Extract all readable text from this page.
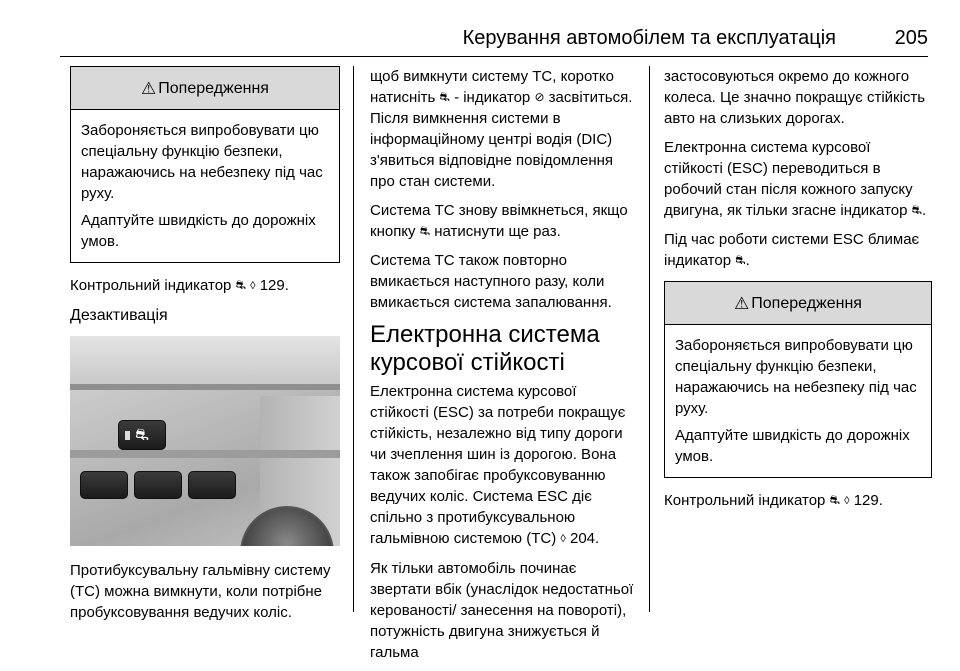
Керування автомобілем та експлуатація	205
⚠ Попередження

Забороняється випробовувати цю спеціальну функцію безпеки, наражаючись на небезпеку під час руху.

Адаптуйте швидкість до дорожніх умов.

Контрольний індикатор ⛐ ◊ 129.

Дезактивація
⛐

Протибуксувальну гальмівну систему (TC) можна вимкнути, коли потрібне пробуксовування ведучих коліс.

щоб вимкнути систему TC, коротко натисніть ⛐ - індикатор ⊘ засвітиться. Після вимкнення системи в інформаційному центрі водія (DIC) з'явиться відповідне повідомлення про стан системи.

Система TC знову ввімкнеться, якщо кнопку ⛐ натиснути ще раз.

Система TC також повторно вмикається наступного разу, коли вмикається система запалювання.

Електронна система курсової стійкості

Електронна система курсової стійкості (ESC) за потреби покращує стійкість, незалежно від типу дороги чи зчеплення шин із дорогою. Вона також запобігає пробуксовуванню ведучих коліс. Система ESC діє спільно з протибуксувальною гальмівною системою (TC) ◊ 204.

Як тільки автомобіль починає звертати вбік (унаслідок недостатньої керованості/ занесення на повороті), потужність двигуна знижується й гальма

застосовуються окремо до кожного колеса. Це значно покращує стійкість авто на слизьких дорогах.

Електронна система курсової стійкості (ESC) переводиться в робочий стан після кожного запуску двигуна, як тільки згасне індикатор ⛐.

Під час роботи системи ESC блимає індикатор ⛐.

⚠ Попередження

Забороняється випробовувати цю спеціальну функцію безпеки, наражаючись на небезпеку під час руху.

Адаптуйте швидкість до дорожніх умов.

Контрольний індикатор ⛐ ◊ 129.
